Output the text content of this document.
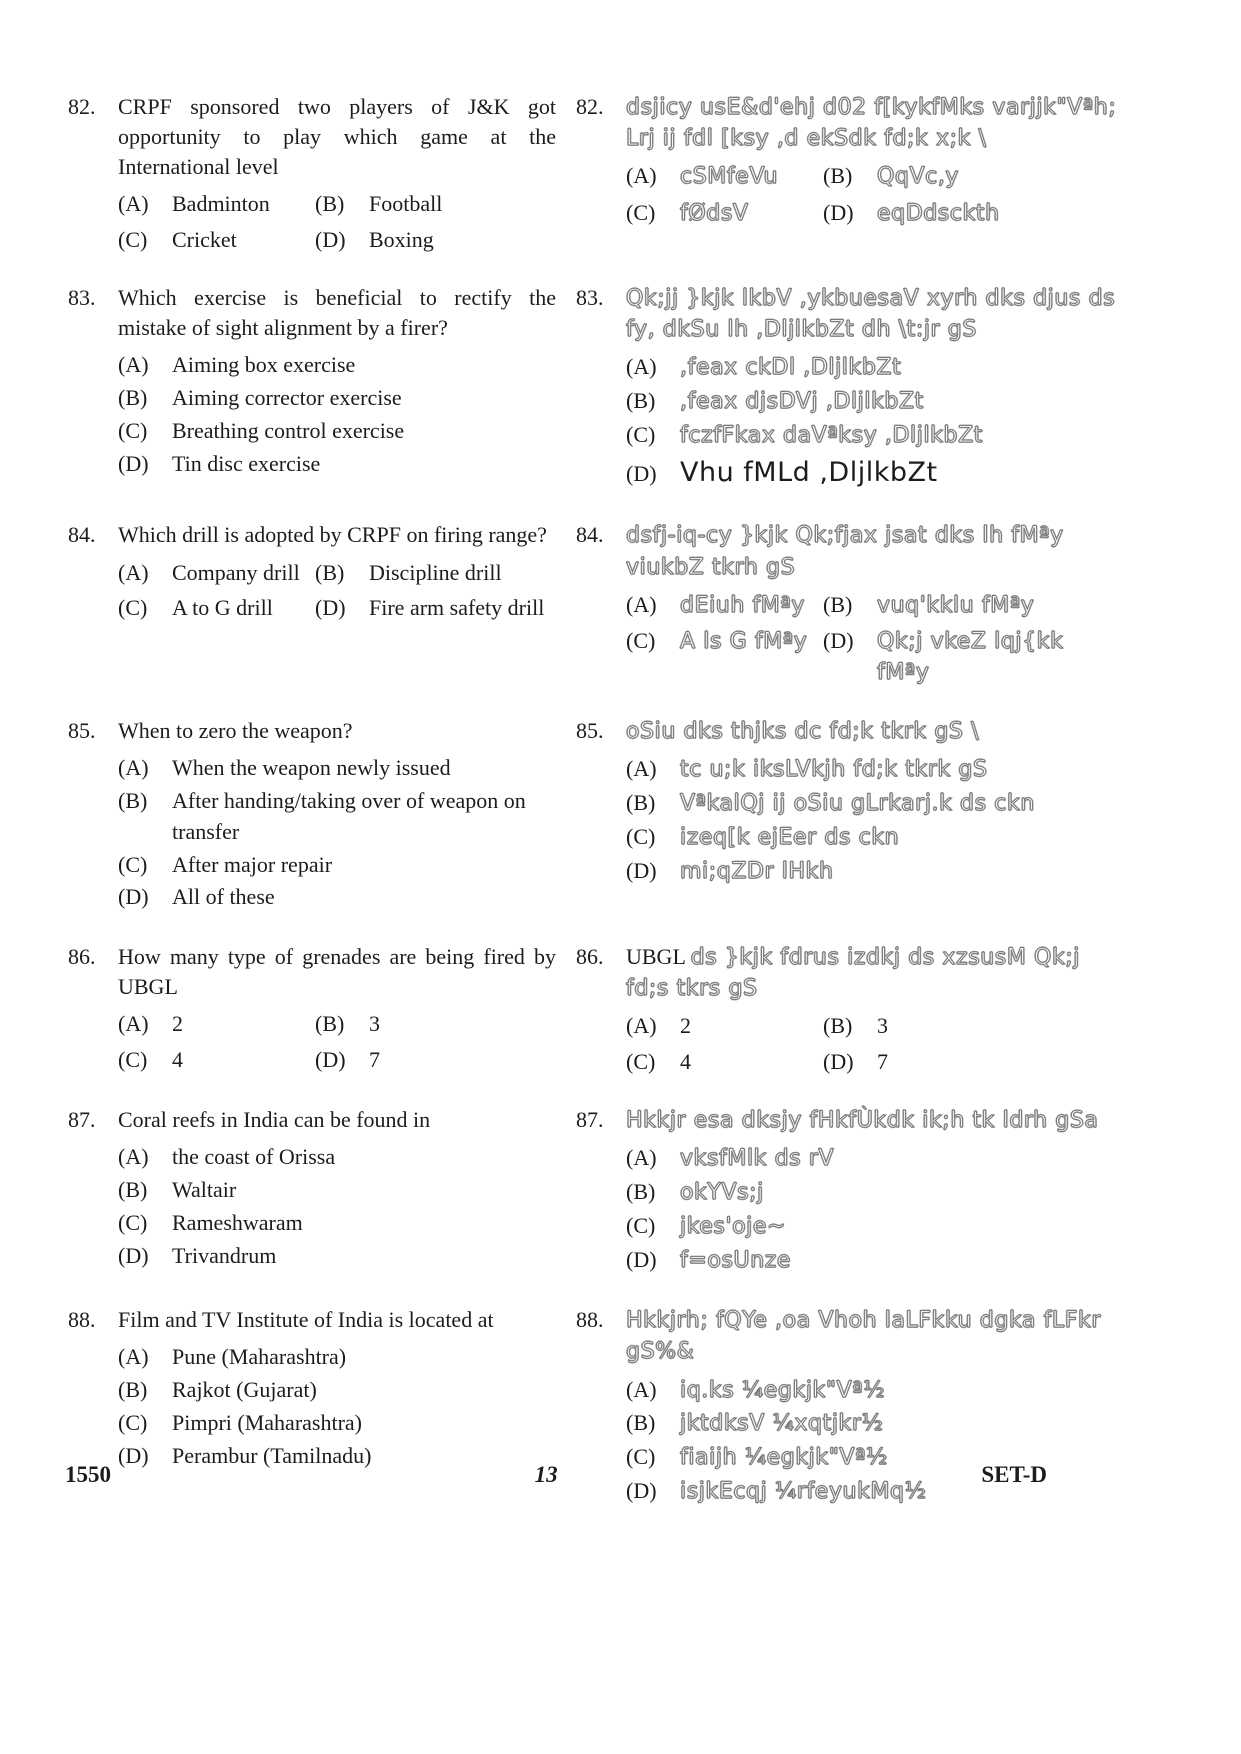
82.	CRPF sponsored two players of J&K got opportunity to play which game at the International level
(A)	Badminton (B)	Football
(C)	Cricket	(D)	Boxing
82.	dsjicy usE&d'ehj d02 f[kykfMks varjjk"Vªh; Lrj ij fdl [ksy ,d ekSdk fd;k x;k \
(A)	cSMfeVu (B)	QqVc,y
(C)	fØdsV	(D)	eqDdsckth
83.	Which exercise is beneficial to rectify the mistake of sight alignment by a firer?
(A)	Aiming box exercise
(B)	Aiming corrector exercise
(C)	Breathing control exercise
(D)	Tin disc exercise
83.	Qk;jj }kjk lkbV ,ykbuesaV xyrh dks djus ds fy, dkSu lh ,DljlkbZt dh \t:jr gS
(A)	,feax ckDl ,DljlkbZt
(B)	,feax djsDVj ,DljlkbZt
(C)	fczfFkax daVªksy ,DljlkbZt
(D) Vhu fMLd ,DljlkbZt
84.	Which drill is adopted by CRPF on firing range?
(A)	Company drill (B)	Discipline drill
(C)	A to G drill (D)	Fire arm safety drill
84.	dsfj-iq-cy }kjk Qk;fjax jsat dks lh fMªy viukbZ tkrh gS
(A)	dEiuh fMªy (B)	vuq'kklu fMªy
(C)	A ls G fMªy (D)	Qk;j vkeZ lqj{kk fMªy
85.	When to zero the weapon?
(A)	When the weapon newly issued
(B)	After handing/taking over of weapon on transfer
(C)	After major repair
(D)	All of these
85.	oSiu dks thjks dc fd;k tkrk gS \
(A)	tc u;k iksLVkjh fd;k tkrk gS
(B)	VªkalQj ij oSiu gLrkarj.k ds ckn
(C)	izeq[k ejEer ds ckn
(D)	mi;qZDr lHkh
86.	How many type of grenades are being fired by UBGL
(A)	2	(B)	3
(C)	4	(D)	7
86.	UBGL ds }kjk fdrus izdkj ds xzsusM Qk;j fd;s tkrs gS
(A)	2	(B)	3
(C)	4	(D)	7
87.	Coral reefs in India can be found in
(A)	the coast of Orissa
(B)	Waltair
(C)	Rameshwaram
(D)	Trivandrum
87.	Hkkjr esa dksjy fHkfÙkdk ik;h tk ldrh gSa
(A)	vksfMlk ds rV
(B)	okYVs;j
(C)	jkes'oje~
(D)	f=osUnze
88.	Film and TV Institute of India is located at
(A)	Pune (Maharashtra)
(B)	Rajkot (Gujarat)
(C)	Pimpri (Maharashtra)
(D)	Perambur (Tamilnadu)
88.	Hkkjrh; fQYe ,oa Vhoh laLFkku dgka fLFkr gS%&
(A)	iq.ks ¼egkjk"Vª½
(B)	jktdksV ¼xqtjkr½
(C)	fiaijh ¼egkjk"Vª½
(D)	isjkEcqj ¼rfeyukMq½
1550	13	SET-D
